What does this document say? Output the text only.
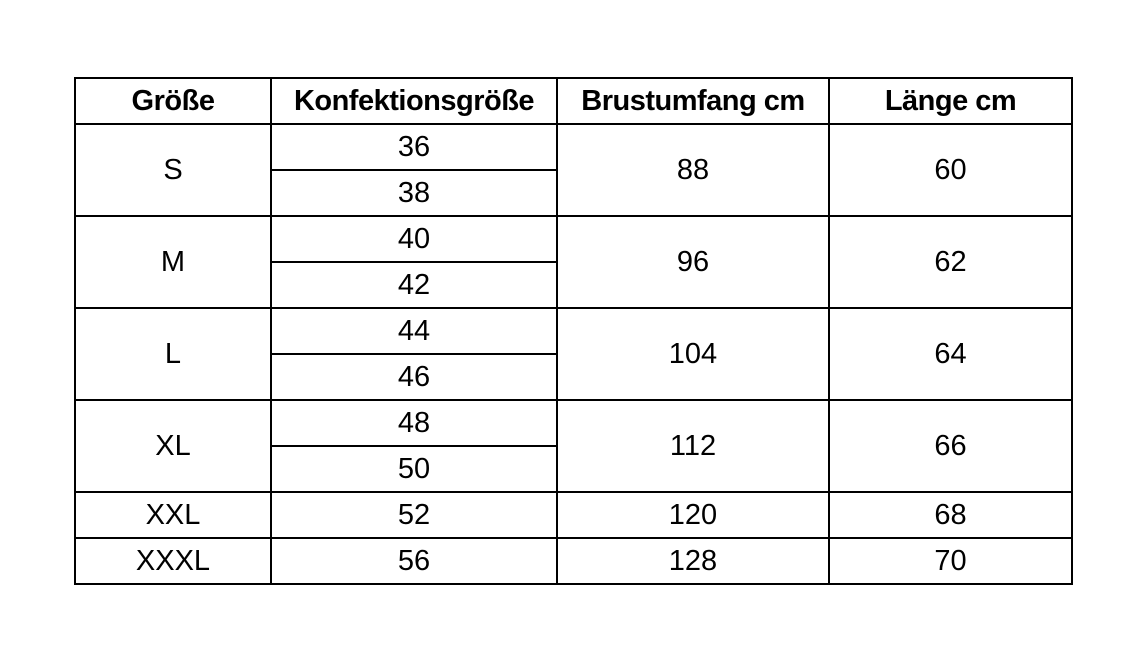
Größe	Konfektionsgröße	Brustumfang cm	Länge cm
S	36	88	60
	38		
M	40	96	62
	42		
L	44	104	64
	46		
XL	48	112	66
	50		
XXL	52	120	68
XXXL	56	128	70
